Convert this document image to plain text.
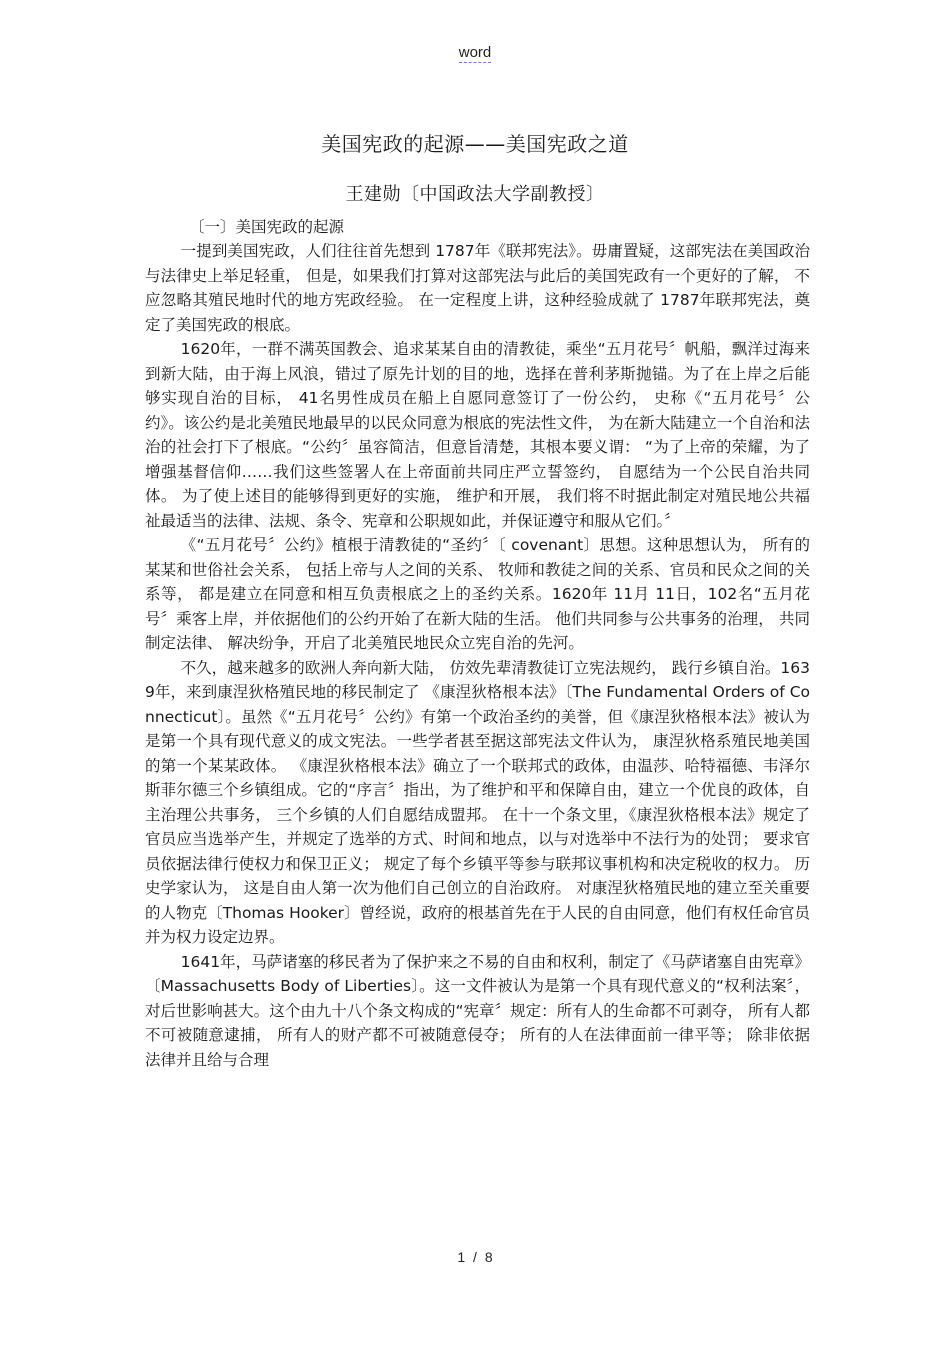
word
美国宪政的起源——美国宪政之道
王建勋〔中国政法大学副教授〕

〔一〕美国宪政的起源

一提到美国宪政，人们往往首先想到 1787年《联邦宪法》。毋庸置疑，这部宪法在美国政治与法律史上举足轻重， 但是，如果我们打算对这部宪法与此后的美国宪政有一个更好的了解， 不应忽略其殖民地时代的地方宪政经验。 在一定程度上讲，这种经验成就了 1787年联邦宪法，奠定了美国宪政的根底。

1620年，一群不满英国教会、追求某某自由的清教徒，乘坐“五月花号〞帆船，飘洋过海来到新大陆，由于海上风浪，错过了原先计划的目的地，选择在普利茅斯抛锚。为了在上岸之后能够实现自治的目标， 41名男性成员在船上自愿同意签订了一份公约， 史称《“五月花号〞公约》。该公约是北美殖民地最早的以民众同意为根底的宪法性文件， 为在新大陆建立一个自治和法治的社会打下了根底。“公约〞虽容简洁，但意旨清楚，其根本要义谓： “为了上帝的荣耀，为了增强基督信仰……我们这些签署人在上帝面前共同庄严立誓签约， 自愿结为一个公民自治共同体。 为了使上述目的能够得到更好的实施， 维护和开展， 我们将不时据此制定对殖民地公共福祉最适当的法律、法规、条令、宪章和公职规如此，并保证遵守和服从它们。〞

《“五月花号〞公约》植根于清教徒的“圣约〞〔 covenant〕思想。这种思想认为， 所有的某某和世俗社会关系， 包括上帝与人之间的关系、 牧师和教徒之间的关系、官员和民众之间的关系等， 都是建立在同意和相互负责根底之上的圣约关系。1620年 11月 11日，102名“五月花号〞乘客上岸，并依据他们的公约开始了在新大陆的生活。 他们共同参与公共事务的治理， 共同制定法律、 解决纷争，开启了北美殖民地民众立宪自治的先河。

不久，越来越多的欧洲人奔向新大陆， 仿效先辈清教徒订立宪法规约， 践行乡镇自治。1639年，来到康涅狄格殖民地的移民制定了 《康涅狄格根本法》〔The Fundamental Orders of Connecticut〕。虽然《“五月花号〞公约》有第一个政治圣约的美誉，但《康涅狄格根本法》被认为是第一个具有现代意义的成文宪法。一些学者甚至据这部宪法文件认为， 康涅狄格系殖民地美国的第一个某某政体。 《康涅狄格根本法》确立了一个联邦式的政体，由温莎、哈特福德、韦泽尔斯菲尔德三个乡镇组成。它的“序言〞指出，为了维护和平和保障自由，建立一个优良的政体，自主治理公共事务， 三个乡镇的人们自愿结成盟邦。 在十一个条文里，《康涅狄格根本法》规定了官员应当选举产生，并规定了选举的方式、时间和地点，以与对选举中不法行为的处罚； 要求官员依据法律行使权力和保卫正义； 规定了每个乡镇平等参与联邦议事机构和决定税收的权力。 历史学家认为， 这是自由人第一次为他们自己创立的自治政府。 对康涅狄格殖民地的建立至关重要的人物克〔Thomas Hooker〕曾经说，政府的根基首先在于人民的自由同意，他们有权任命官员并为权力设定边界。

1641年，马萨诸塞的移民者为了保护来之不易的自由和权利，制定了《马萨诸塞自由宪章》〔Massachusetts Body of Liberties〕。这一文件被认为是第一个具有现代意义的“权利法案〞，对后世影响甚大。这个由九十八个条文构成的“宪章〞规定：所有人的生命都不可剥夺， 所有人都不可被随意逮捕， 所有人的财产都不可被随意侵夺； 所有的人在法律面前一律平等； 除非依据法律并且给与合理

1 / 8
